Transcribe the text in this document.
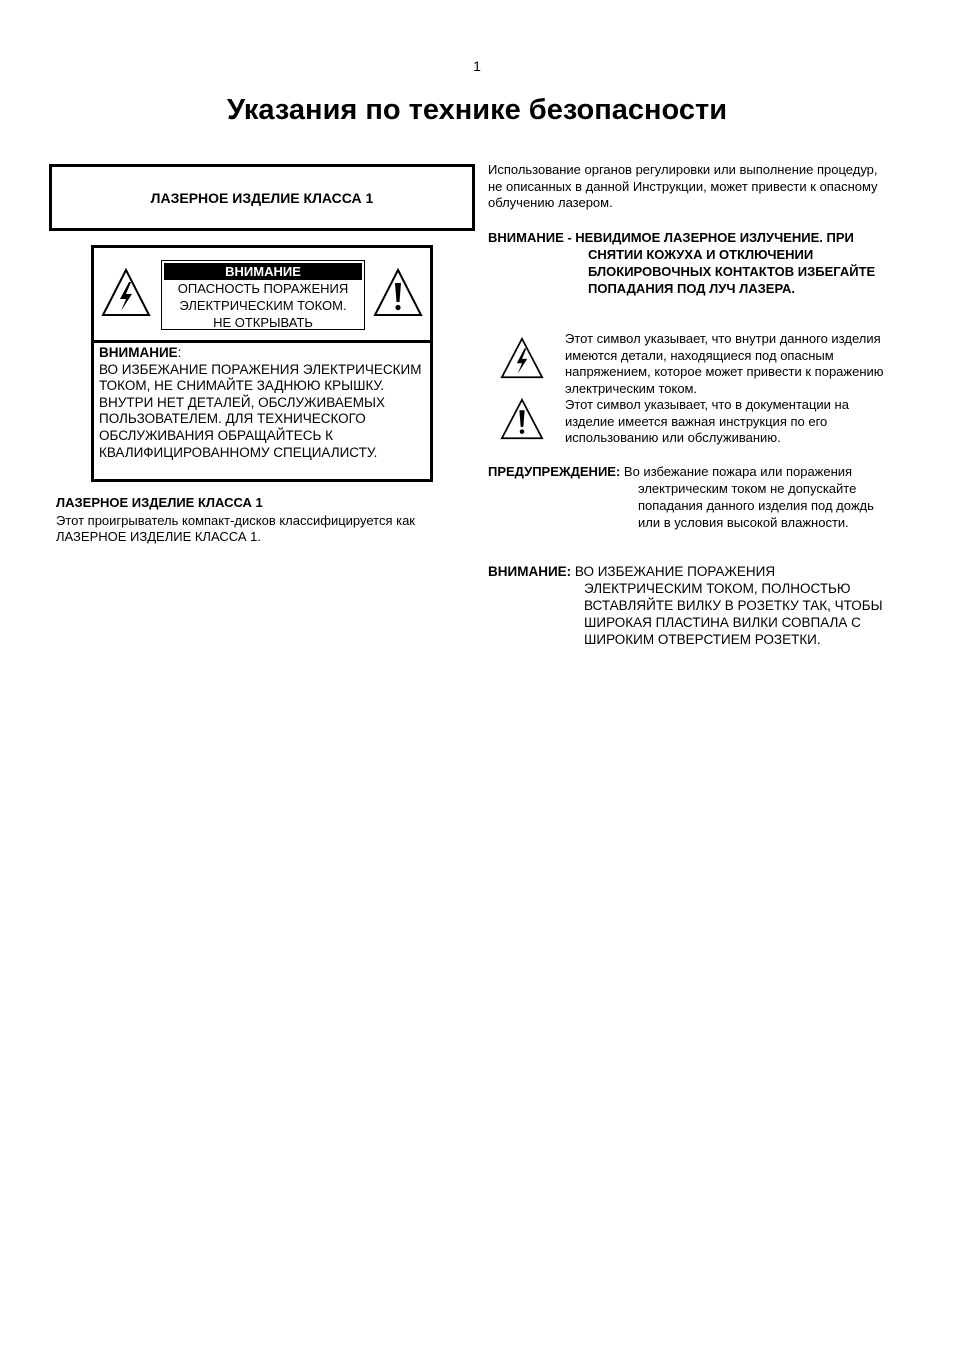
1
Указания по технике безопасности
ЛАЗЕРНОЕ ИЗДЕЛИЕ КЛАССА 1
ВНИМАНИЕ
ОПАСНОСТЬ ПОРАЖЕНИЯ
ЭЛЕКТРИЧЕСКИМ ТОКОМ.
НЕ ОТКРЫВАТЬ
ВНИМАНИЕ:
ВО ИЗБЕЖАНИЕ ПОРАЖЕНИЯ ЭЛЕКТРИЧЕСКИМ ТОКОМ, НЕ СНИМАЙТЕ ЗАДНЮЮ КРЫШКУ. ВНУТРИ НЕТ ДЕТАЛЕЙ, ОБСЛУЖИВАЕМЫХ ПОЛЬЗОВАТЕЛЕМ. ДЛЯ ТЕХНИЧЕСКОГО ОБСЛУЖИВАНИЯ ОБРАЩАЙТЕСЬ К КВАЛИФИЦИРОВАННОМУ СПЕЦИАЛИСТУ.
ЛАЗЕРНОЕ ИЗДЕЛИЕ КЛАССА 1
Этот проигрыватель компакт-дисков классифицируется как ЛАЗЕРНОЕ ИЗДЕЛИЕ КЛАССА 1.
Использование органов регулировки или выполнение процедур, не описанных в данной Инструкции, может привести к опасному облучению лазером.
ВНИМАНИЕ - НЕВИДИМОЕ ЛАЗЕРНОЕ ИЗЛУЧЕНИЕ. ПРИ
СНЯТИИ КОЖУХА И ОТКЛЮЧЕНИИ БЛОКИРОВОЧНЫХ КОНТАКТОВ ИЗБЕГАЙТЕ ПОПАДАНИЯ ПОД ЛУЧ ЛАЗЕРА.
Этот символ указывает, что внутри данного изделия имеются детали, находящиеся под опасным напряжением, которое может привести к поражению электрическим током.
Этот символ указывает, что в документации на изделие имеется важная инструкция по его использованию или обслуживанию.
ПРЕДУПРЕЖДЕНИЕ: Во избежание пожара или поражения
электрическим током не допускайте попадания данного изделия под дождь или в условия высокой влажности.
ВНИМАНИЕ: ВО ИЗБЕЖАНИЕ ПОРАЖЕНИЯ
ЭЛЕКТРИЧЕСКИМ ТОКОМ, ПОЛНОСТЬЮ ВСТАВЛЯЙТЕ ВИЛКУ В РОЗЕТКУ ТАК, ЧТОБЫ ШИРОКАЯ ПЛАСТИНА ВИЛКИ СОВПАЛА С ШИРОКИМ ОТВЕРСТИЕМ РОЗЕТКИ.
